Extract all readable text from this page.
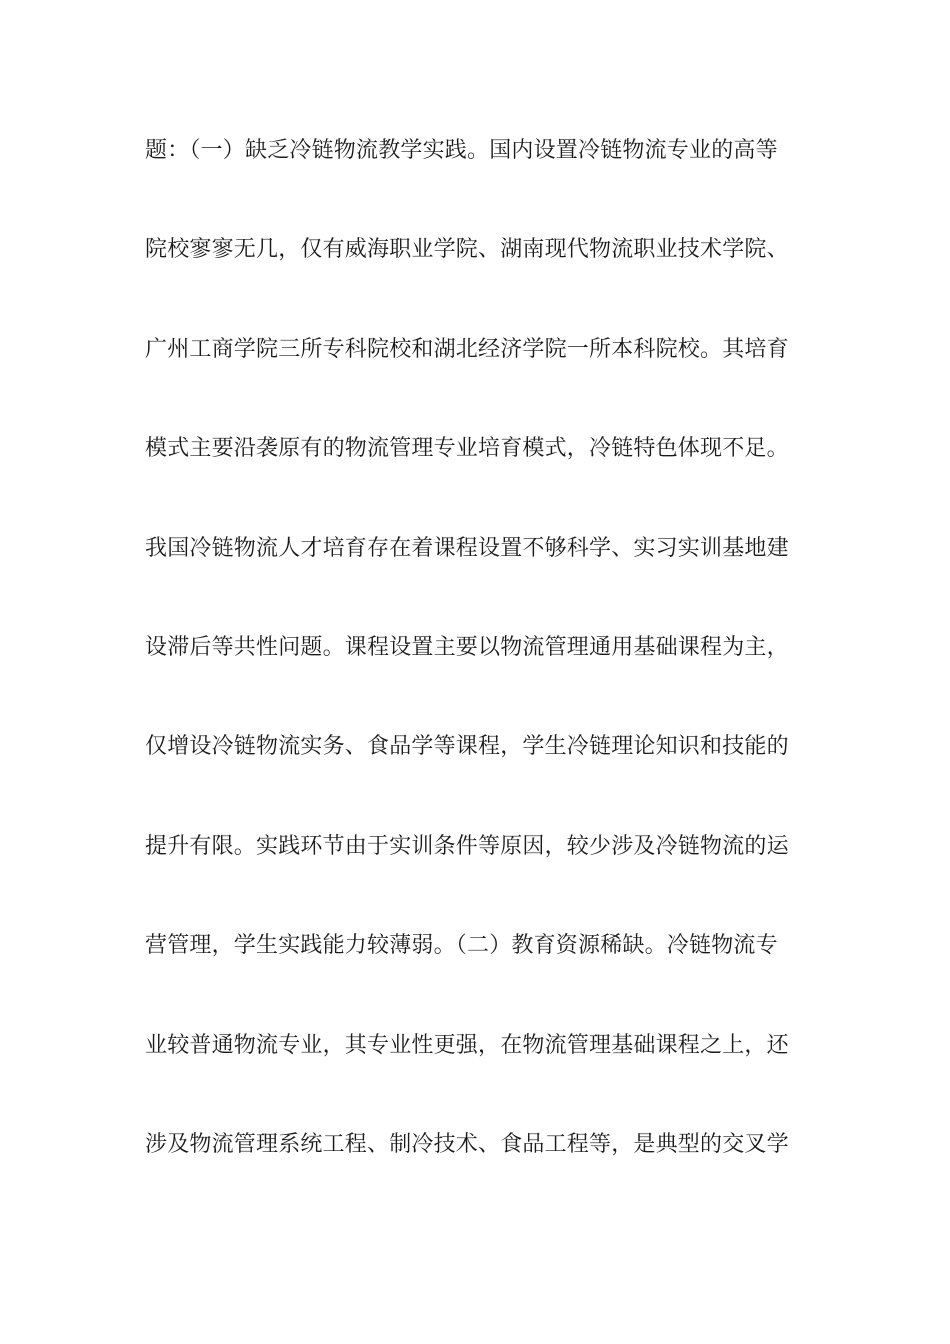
题：（一）缺乏冷链物流教学实践。国内设置冷链物流专业的高等
院校寥寥无几，仅有威海职业学院、湖南现代物流职业技术学院、
广州工商学院三所专科院校和湖北经济学院一所本科院校。其培育
模式主要沿袭原有的物流管理专业培育模式，冷链特色体现不足。
我国冷链物流人才培育存在着课程设置不够科学、实习实训基地建
设滞后等共性问题。课程设置主要以物流管理通用基础课程为主，
仅增设冷链物流实务、食品学等课程，学生冷链理论知识和技能的
提升有限。实践环节由于实训条件等原因，较少涉及冷链物流的运
营管理，学生实践能力较薄弱。（二）教育资源稀缺。冷链物流专
业较普通物流专业，其专业性更强，在物流管理基础课程之上，还
涉及物流管理系统工程、制冷技术、食品工程等，是典型的交叉学
